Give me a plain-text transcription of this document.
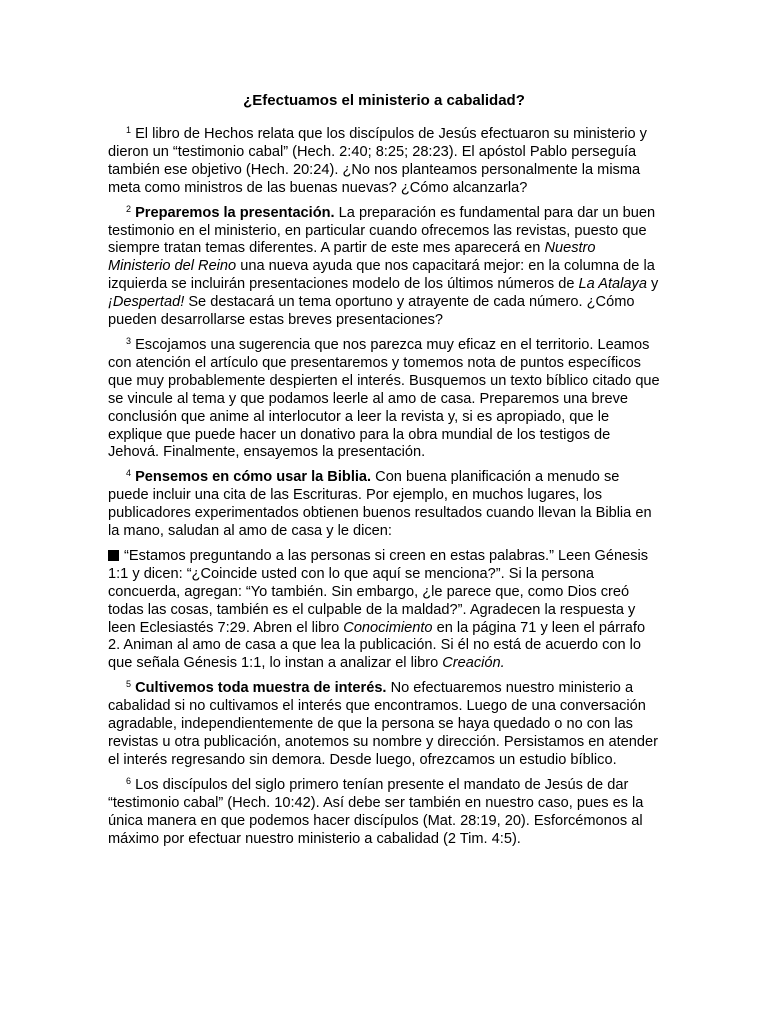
¿Efectuamos el ministerio a cabalidad?

$^1$ El libro de Hechos relata que los discípulos de Jesús efectuaron su ministerio y dieron un “testimonio cabal” (Hech. 2:40; 8:25; 28:23). El apóstol Pablo perseguía también ese objetivo (Hech. 20:24). ¿No nos planteamos personalmente la misma meta como ministros de las buenas nuevas? ¿Cómo alcanzarla?

$^2$ Preparemos la presentación. La preparación es fundamental para dar un buen testimonio en el ministerio, en particular cuando ofrecemos las revistas, puesto que siempre tratan temas diferentes. A partir de este mes aparecerá en Nuestro Ministerio del Reino una nueva ayuda que nos capacitará mejor: en la columna de la izquierda se incluirán presentaciones modelo de los últimos números de La Atalaya y ¡Despertad! Se destacará un tema oportuno y atrayente de cada número. ¿Cómo pueden desarrollarse estas breves presentaciones?

$^3$ Escojamos una sugerencia que nos parezca muy eficaz en el territorio. Leamos con atención el artículo que presentaremos y tomemos nota de puntos específicos que muy probablemente despierten el interés. Busquemos un texto bíblico citado que se vincule al tema y que podamos leerle al amo de casa. Preparemos una breve conclusión que anime al interlocutor a leer la revista y, si es apropiado, que le explique que puede hacer un donativo para la obra mundial de los testigos de Jehová. Finalmente, ensayemos la presentación.

$^4$ Pensemos en cómo usar la Biblia. Con buena planificación a menudo se puede incluir una cita de las Escrituras. Por ejemplo, en muchos lugares, los publicadores experimentados obtienen buenos resultados cuando llevan la Biblia en la mano, saludan al amo de casa y le dicen:

“Estamos preguntando a las personas si creen en estas palabras.” Leen Génesis 1:1 y dicen: “¿Coincide usted con lo que aquí se menciona?”. Si la persona concuerda, agregan: “Yo también. Sin embargo, ¿le parece que, como Dios creó todas las cosas, también es el culpable de la maldad?”. Agradecen la respuesta y leen Eclesiastés 7:29. Abren el libro Conocimiento en la página 71 y leen el párrafo 2. Animan al amo de casa a que lea la publicación. Si él no está de acuerdo con lo que señala Génesis 1:1, lo instan a analizar el libro Creación.

$^5$ Cultivemos toda muestra de interés. No efectuaremos nuestro ministerio a cabalidad si no cultivamos el interés que encontramos. Luego de una conversación agradable, independientemente de que la persona se haya quedado o no con las revistas u otra publicación, anotemos su nombre y dirección. Persistamos en atender el interés regresando sin demora. Desde luego, ofrezcamos un estudio bíblico.

$^6$ Los discípulos del siglo primero tenían presente el mandato de Jesús de dar “testimonio cabal” (Hech. 10:42). Así debe ser también en nuestro caso, pues es la única manera en que podemos hacer discípulos (Mat. 28:19, 20). Esforcémonos al máximo por efectuar nuestro ministerio a cabalidad (2 Tim. 4:5).
